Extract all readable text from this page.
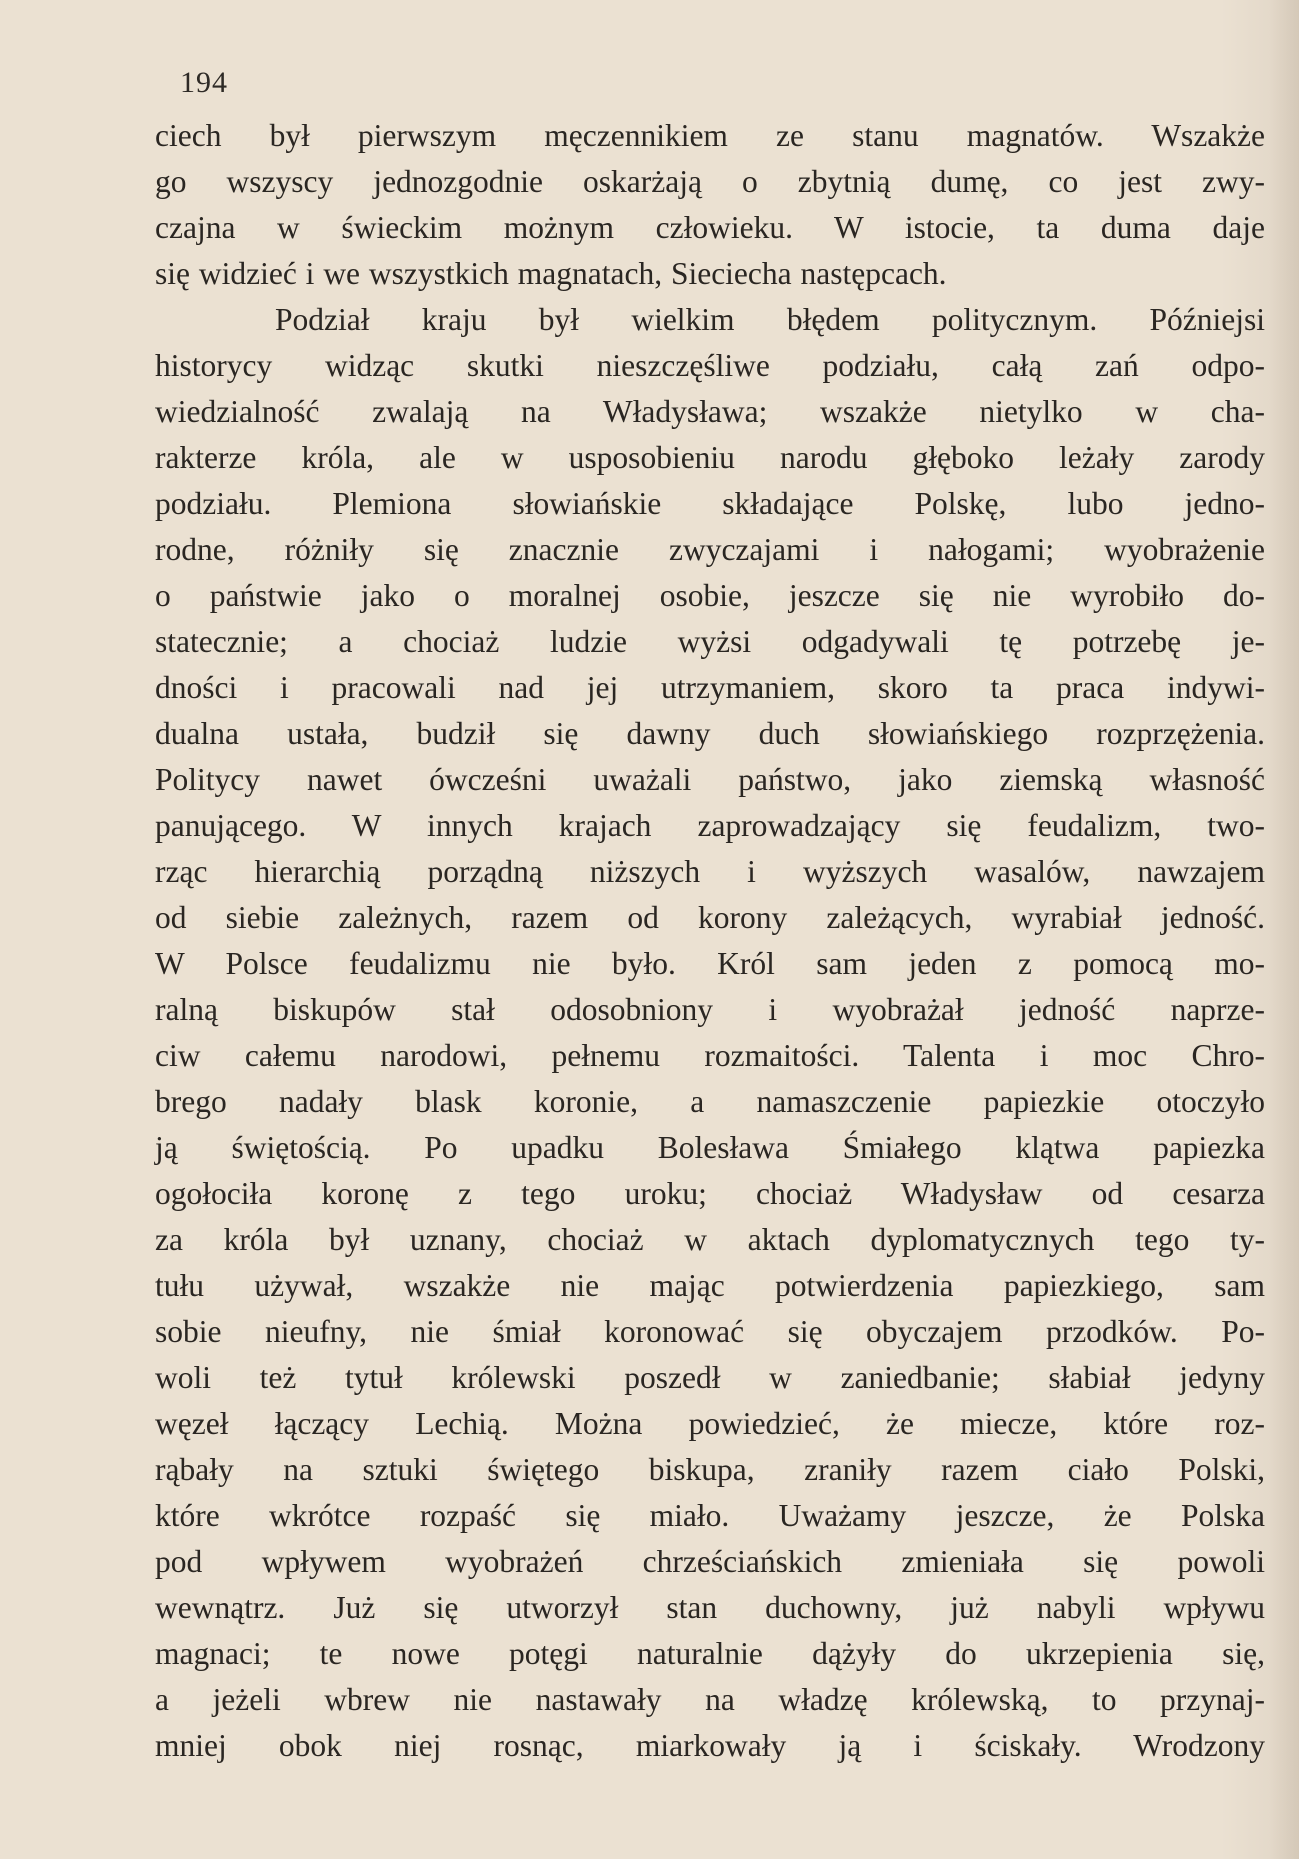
194
ciech był pierwszym męczennikiem ze stanu magnatów. Wszakże
go wszyscy jednozgodnie oskarżają o zbytnią dumę, co jest zwy-
czajna w świeckim możnym człowieku. W istocie, ta duma daje
się widzieć i we wszystkich magnatach, Sieciecha następcach.
Podział kraju był wielkim błędem politycznym. Późniejsi
historycy widząc skutki nieszczęśliwe podziału, całą zań odpo-
wiedzialność zwalają na Władysława; wszakże nietylko w cha-
rakterze króla, ale w usposobieniu narodu głęboko leżały zarody
podziału. Plemiona słowiańskie składające Polskę, lubo jedno-
rodne, różniły się znacznie zwyczajami i nałogami; wyobrażenie
o państwie jako o moralnej osobie, jeszcze się nie wyrobiło do-
statecznie; a chociaż ludzie wyżsi odgadywali tę potrzebę je-
dności i pracowali nad jej utrzymaniem, skoro ta praca indywi-
dualna ustała, budził się dawny duch słowiańskiego rozprzężenia.
Politycy nawet ówcześni uważali państwo, jako ziemską własność
panującego. W innych krajach zaprowadzający się feudalizm, two-
rząc hierarchią porządną niższych i wyższych wasalów, nawzajem
od siebie zależnych, razem od korony zależących, wyrabiał jedność.
W Polsce feudalizmu nie było. Król sam jeden z pomocą mo-
ralną biskupów stał odosobniony i wyobrażał jedność naprze-
ciw całemu narodowi, pełnemu rozmaitości. Talenta i moc Chro-
brego nadały blask koronie, a namaszczenie papiezkie otoczyło
ją świętością. Po upadku Bolesława Śmiałego klątwa papiezka
ogołociła koronę z tego uroku; chociaż Władysław od cesarza
za króla był uznany, chociaż w aktach dyplomatycznych tego ty-
tułu używał, wszakże nie mając potwierdzenia papiezkiego, sam
sobie nieufny, nie śmiał koronować się obyczajem przodków. Po-
woli też tytuł królewski poszedł w zaniedbanie; słabiał jedyny
węzeł łączący Lechią. Można powiedzieć, że miecze, które roz-
rąbały na sztuki świętego biskupa, zraniły razem ciało Polski,
które wkrótce rozpaść się miało. Uważamy jeszcze, że Polska
pod wpływem wyobrażeń chrześciańskich zmieniała się powoli
wewnątrz. Już się utworzył stan duchowny, już nabyli wpływu
magnaci; te nowe potęgi naturalnie dążyły do ukrzepienia się,
a jeżeli wbrew nie nastawały na władzę królewską, to przynaj-
mniej obok niej rosnąc, miarkowały ją i ściskały. Wrodzony
